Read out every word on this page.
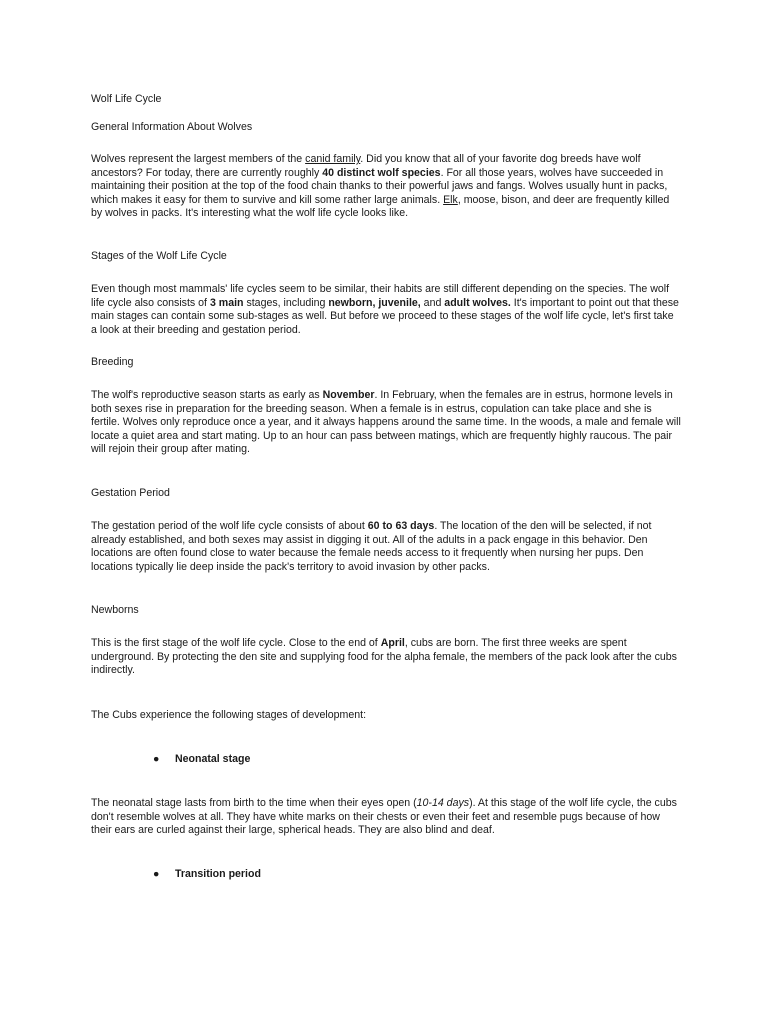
Wolf Life Cycle
General Information About Wolves

Wolves represent the largest members of the canid family. Did you know that all of your favorite dog breeds have wolf ancestors? For today, there are currently roughly 40 distinct wolf species. For all those years, wolves have succeeded in maintaining their position at the top of the food chain thanks to their powerful jaws and fangs. Wolves usually hunt in packs, which makes it easy for them to survive and kill some rather large animals. Elk, moose, bison, and deer are frequently killed by wolves in packs. It's interesting what the wolf life cycle looks like.

Stages of the Wolf Life Cycle

Even though most mammals' life cycles seem to be similar, their habits are still different depending on the species. The wolf life cycle also consists of 3 main stages, including newborn, juvenile, and adult wolves. It's important to point out that these main stages can contain some sub-stages as well. But before we proceed to these stages of the wolf life cycle, let's first take a look at their breeding and gestation period.

Breeding

The wolf's reproductive season starts as early as November. In February, when the females are in estrus, hormone levels in both sexes rise in preparation for the breeding season. When a female is in estrus, copulation can take place and she is fertile. Wolves only reproduce once a year, and it always happens around the same time. In the woods, a male and female will locate a quiet area and start mating. Up to an hour can pass between matings, which are frequently highly raucous. The pair will rejoin their group after mating.

Gestation Period

The gestation period of the wolf life cycle consists of about 60 to 63 days. The location of the den will be selected, if not already established, and both sexes may assist in digging it out. All of the adults in a pack engage in this behavior. Den locations are often found close to water because the female needs access to it frequently when nursing her pups. Den locations typically lie deep inside the pack's territory to avoid invasion by other packs.

Newborns

This is the first stage of the wolf life cycle. Close to the end of April, cubs are born. The first three weeks are spent underground. By protecting the den site and supplying food for the alpha female, the members of the pack look after the cubs indirectly.

The Cubs experience the following stages of development:

● Neonatal stage

The neonatal stage lasts from birth to the time when their eyes open (10-14 days). At this stage of the wolf life cycle, the cubs don't resemble wolves at all. They have white marks on their chests or even their feet and resemble pugs because of how their ears are curled against their large, spherical heads. They are also blind and deaf.

● Transition period
